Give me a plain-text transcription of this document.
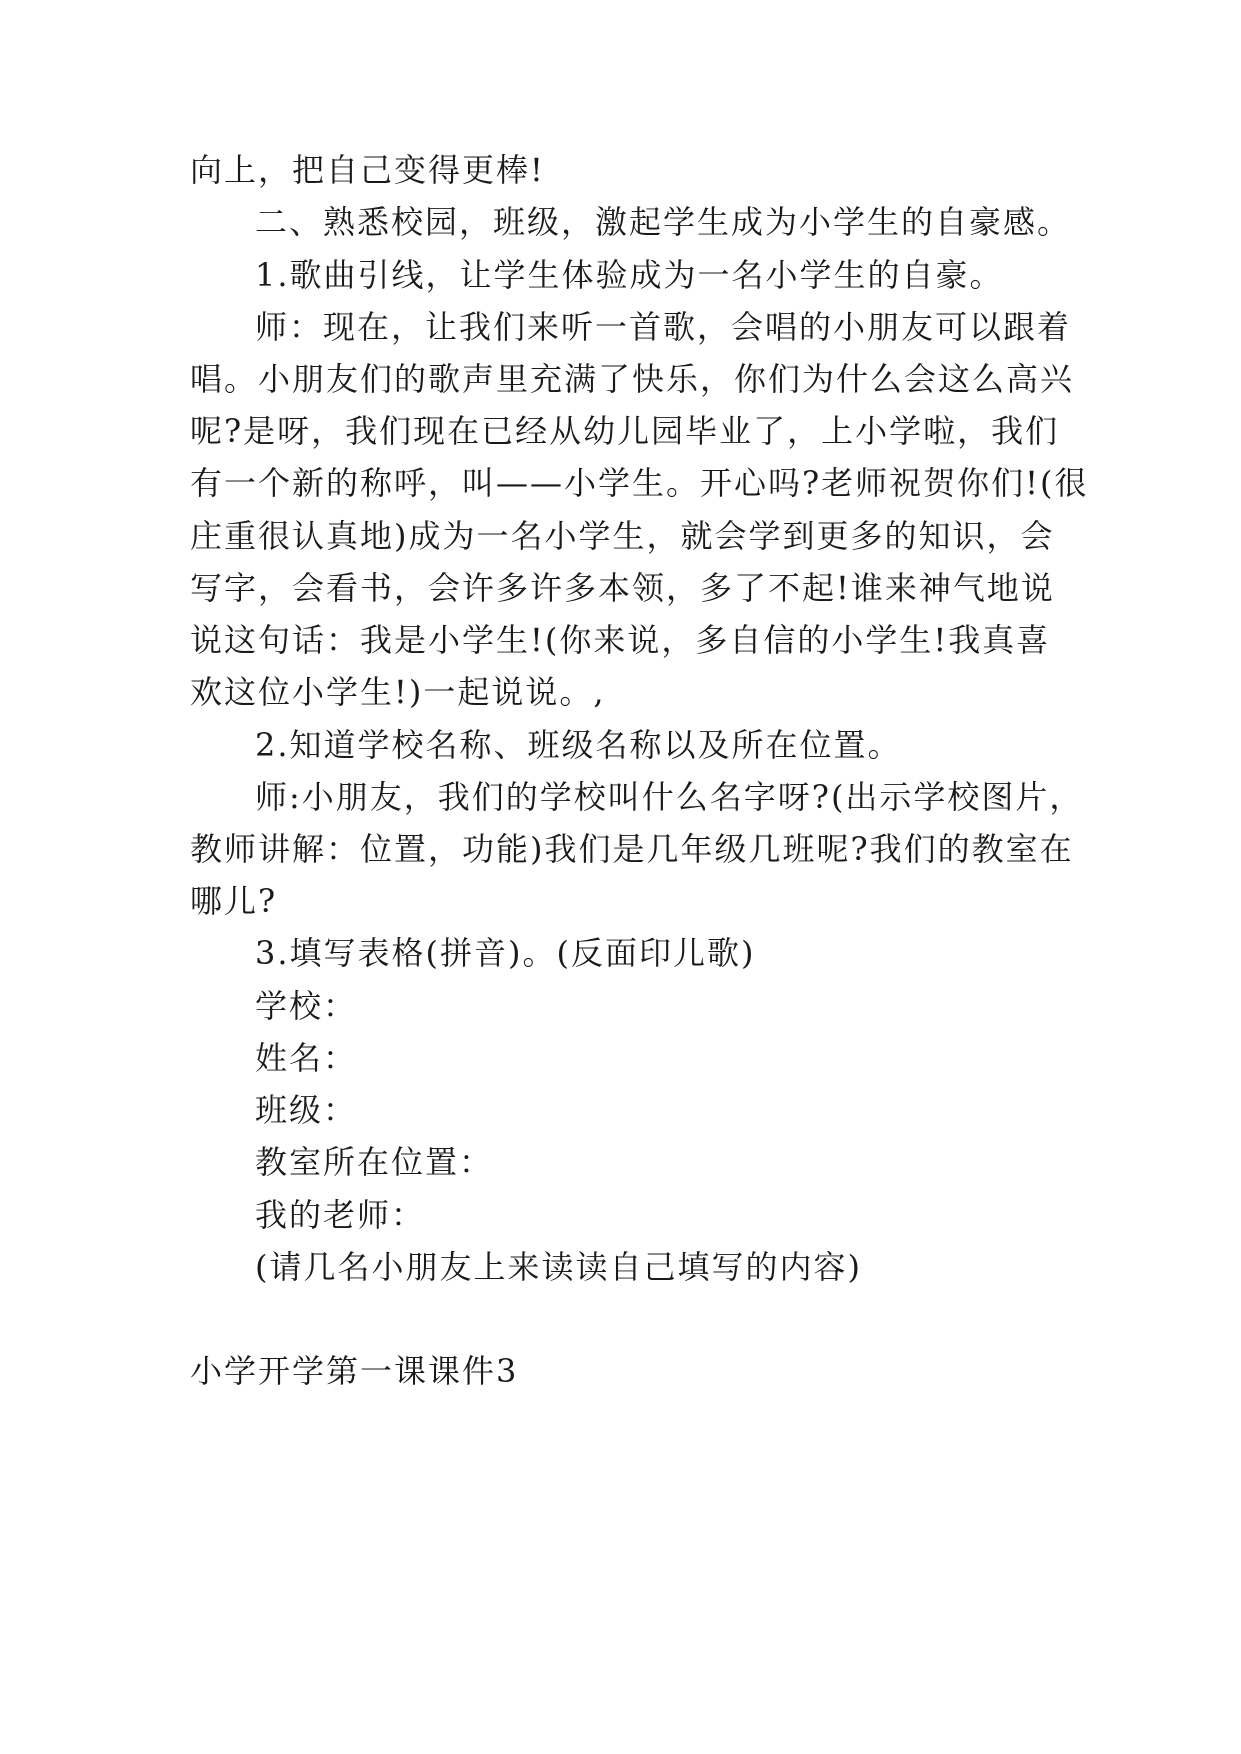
向上，把自己变得更棒!
二、熟悉校园，班级，激起学生成为小学生的自豪感。
1.歌曲引线，让学生体验成为一名小学生的自豪。
师：现在，让我们来听一首歌，会唱的小朋友可以跟着
唱。小朋友们的歌声里充满了快乐，你们为什么会这么高兴
呢?是呀，我们现在已经从幼儿园毕业了，上小学啦，我们
有一个新的称呼，叫——小学生。开心吗?老师祝贺你们!(很
庄重很认真地)成为一名小学生，就会学到更多的知识，会
写字，会看书，会许多许多本领，多了不起!谁来神气地说
说这句话：我是小学生!(你来说，多自信的小学生!我真喜
欢这位小学生!)一起说说。,
2.知道学校名称、班级名称以及所在位置。
师:小朋友，我们的学校叫什么名字呀?(出示学校图片，
教师讲解：位置，功能)我们是几年级几班呢?我们的教室在
哪儿?
3.填写表格(拼音)。(反面印儿歌)
学校：
姓名：
班级：
教室所在位置：
我的老师：
(请几名小朋友上来读读自己填写的内容)
小学开学第一课课件3
